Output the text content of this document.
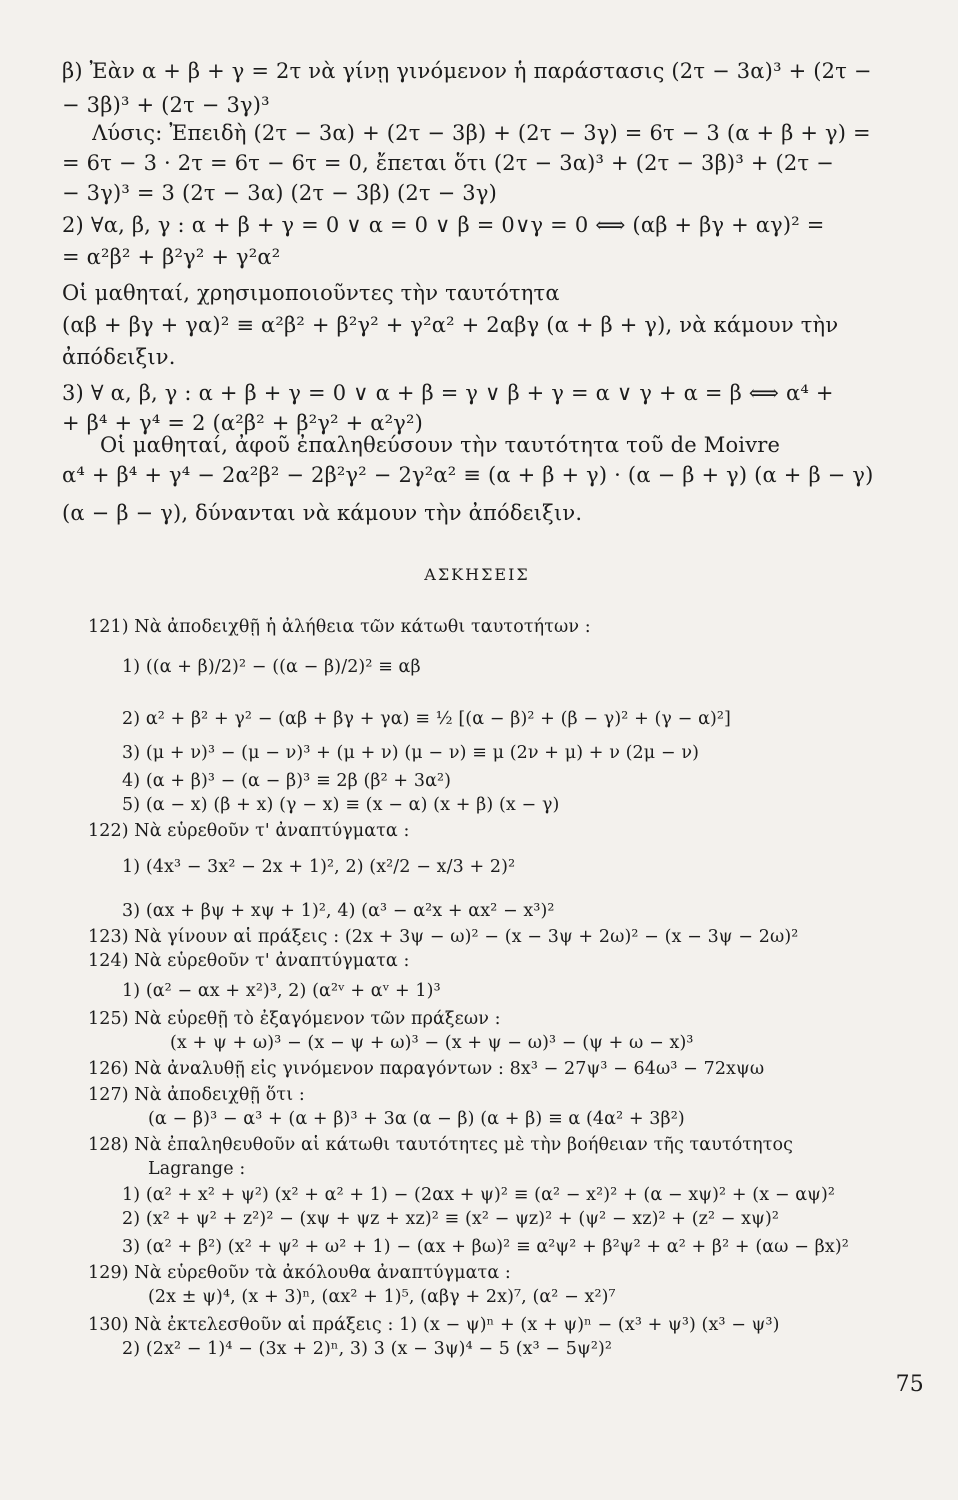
β) Ἐὰν α + β + γ = 2τ νὰ γίνῃ γινόμενον ἡ παράστασις (2τ − 3α)³ + (2τ −
− 3β)³ + (2τ − 3γ)³
Λύσις: Ἐπειδὴ (2τ − 3α) + (2τ − 3β) + (2τ − 3γ) = 6τ − 3 (α + β + γ) =
= 6τ − 3 · 2τ = 6τ − 6τ = 0, ἔπεται ὅτι (2τ − 3α)³ + (2τ − 3β)³ + (2τ −
− 3γ)³ = 3 (2τ − 3α) (2τ − 3β) (2τ − 3γ)
2) ∀α, β, γ : α + β + γ = 0 ∨ α = 0 ∨ β = 0∨γ = 0 ⟺ (αβ + βγ + αγ)² =
= α²β² + β²γ² + γ²α²
Οἱ μαθηταί, χρησιμοποιοῦντες τὴν ταυτότητα
(αβ + βγ + γα)² ≡ α²β² + β²γ² + γ²α² + 2αβγ (α + β + γ), νὰ κάμουν τὴν
ἀπόδειξιν.
3) ∀ α, β, γ : α + β + γ = 0 ∨ α + β = γ ∨ β + γ = α ∨ γ + α = β ⟺ α⁴ +
+ β⁴ + γ⁴ = 2 (α²β² + β²γ² + α²γ²)
Οἱ μαθηταί, ἀφοῦ ἐπαληθεύσουν τὴν ταυτότητα τοῦ de Moivre
α⁴ + β⁴ + γ⁴ − 2α²β² − 2β²γ² − 2γ²α² ≡ (α + β + γ) · (α − β + γ) (α + β − γ)
(α − β − γ), δύνανται νὰ κάμουν τὴν ἀπόδειξιν.
ΑΣΚΗΣΕΙΣ
121) Νὰ ἀποδειχθῇ ἡ ἀλήθεια τῶν κάτωθι ταυτοτήτων :
1) ((α + β)/2)² − ((α − β)/2)² ≡ αβ
2) α² + β² + γ² − (αβ + βγ + γα) ≡ ½ [(α − β)² + (β − γ)² + (γ − α)²]
3) (μ + ν)³ − (μ − ν)³ + (μ + ν) (μ − ν) ≡ μ (2ν + μ) + ν (2μ − ν)
4) (α + β)³ − (α − β)³ ≡ 2β (β² + 3α²)
5) (α − x) (β + x) (γ − x) ≡ (x − α) (x + β) (x − γ)
122) Νὰ εὑρεθοῦν τ' ἀναπτύγματα :
1) (4x³ − 3x² − 2x + 1)², 2) (x²/2 − x/3 + 2)²
3) (αx + βψ + xψ + 1)², 4) (α³ − α²x + αx² − x³)²
123) Νὰ γίνουν αἱ πράξεις : (2x + 3ψ − ω)² − (x − 3ψ + 2ω)² − (x − 3ψ − 2ω)²
124) Νὰ εὑρεθοῦν τ' ἀναπτύγματα :
1) (α² − αx + x²)³, 2) (α²ᵛ + αᵛ + 1)³
125) Νὰ εὑρεθῇ τὸ ἐξαγόμενον τῶν πράξεων :
(x + ψ + ω)³ − (x − ψ + ω)³ − (x + ψ − ω)³ − (ψ + ω − x)³
126) Νὰ ἀναλυθῇ εἰς γινόμενον παραγόντων : 8x³ − 27ψ³ − 64ω³ − 72xψω
127) Νὰ ἀποδειχθῇ ὅτι :
(α − β)³ − α³ + (α + β)³ + 3α (α − β) (α + β) ≡ α (4α² + 3β²)
128) Νὰ ἐπαληθευθοῦν αἱ κάτωθι ταυτότητες μὲ τὴν βοήθειαν τῆς ταυτότητος
Lagrange :
1) (α² + x² + ψ²) (x² + α² + 1) − (2αx + ψ)² ≡ (α² − x²)² + (α − xψ)² + (x − αψ)²
2) (x² + ψ² + z²)² − (xψ + ψz + xz)² ≡ (x² − ψz)² + (ψ² − xz)² + (z² − xψ)²
3) (α² + β²) (x² + ψ² + ω² + 1) − (αx + βω)² ≡ α²ψ² + β²ψ² + α² + β² + (αω − βx)²
129) Νὰ εὑρεθοῦν τὰ ἀκόλουθα ἀναπτύγματα :
(2x ± ψ)⁴, (x + 3)ⁿ, (αx² + 1)⁵, (αβγ + 2x)⁷, (α² − x²)⁷
130) Νὰ ἐκτελεσθοῦν αἱ πράξεις : 1) (x − ψ)ⁿ + (x + ψ)ⁿ − (x³ + ψ³) (x³ − ψ³)
2) (2x² − 1)⁴ − (3x + 2)ⁿ, 3) 3 (x − 3ψ)⁴ − 5 (x³ − 5ψ²)²
75
